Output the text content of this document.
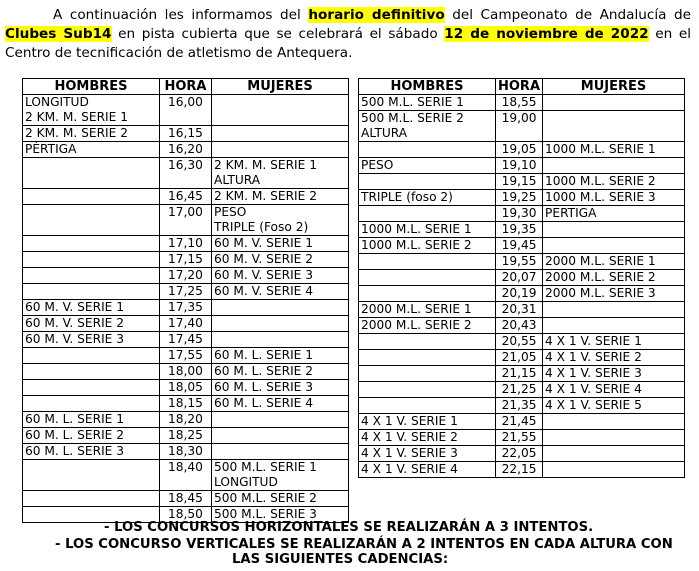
A continuación les informamos del horario definitivo del Campeonato de Andalucía de Clubes Sub14 en pista cubierta que se celebrará el sábado 12 de noviembre de 2022 en el Centro de tecnificación de atletismo de Antequera.
HOMBRES	HORA	MUJERES
LONGITUD
2 KM. M. SERIE 1	16,00	
2 KM. M. SERIE 2	16,15	
PÉRTIGA	16,20	
	16,30	2 KM. M. SERIE 1
ALTURA
	16,45	2 KM. M. SERIE 2
	17,00	PESO
TRIPLE (Foso 2)
	17,10	60 M. V. SERIE 1
	17,15	60 M. V. SERIE 2
	17,20	60 M. V. SERIE 3
	17,25	60 M. V. SERIE 4
60 M. V. SERIE 1	17,35	
60 M. V. SERIE 2	17,40	
60 M. V. SERIE 3	17,45	
	17,55	60 M. L. SERIE 1
	18,00	60 M. L. SERIE 2
	18,05	60 M. L. SERIE 3
	18,15	60 M. L. SERIE 4
60 M. L. SERIE 1	18,20	
60 M. L. SERIE 2	18,25	
60 M. L. SERIE 3	18,30	
	18,40	500 M.L. SERIE 1
LONGITUD
	18,45	500 M.L. SERIE 2
	18,50	500 M.L. SERIE 3
HOMBRES	HORA	MUJERES
500 M.L. SERIE 1	18,55	
500 M.L. SERIE 2
ALTURA	19,00	
	19,05	1000 M.L. SERIE 1
PESO	19,10	
	19,15	1000 M.L. SERIE 2
TRIPLE (foso 2)	19,25	1000 M.L. SERIE 3
	19,30	PERTIGA
1000 M.L. SERIE 1	19,35	
1000 M.L. SERIE 2	19,45	
	19,55	2000 M.L. SERIE 1
	20,07	2000 M.L. SERIE 2
	20,19	2000 M.L. SERIE 3
2000 M.L. SERIE 1	20,31	
2000 M.L. SERIE 2	20,43	
	20,55	4 X 1 V. SERIE 1
	21,05	4 X 1 V. SERIE 2
	21,15	4 X 1 V. SERIE 3
	21,25	4 X 1 V. SERIE 4
	21,35	4 X 1 V. SERIE 5
4 X 1 V. SERIE 1	21,45	
4 X 1 V. SERIE 2	21,55	
4 X 1 V. SERIE 3	22,05	
4 X 1 V. SERIE 4	22,15	
- LOS CONCURSOS HORIZONTALES SE REALIZARÁN A 3 INTENTOS.
- LOS CONCURSO VERTICALES SE REALIZARÁN A 2 INTENTOS EN CADA ALTURA CON
LAS SIGUIENTES CADENCIAS:
